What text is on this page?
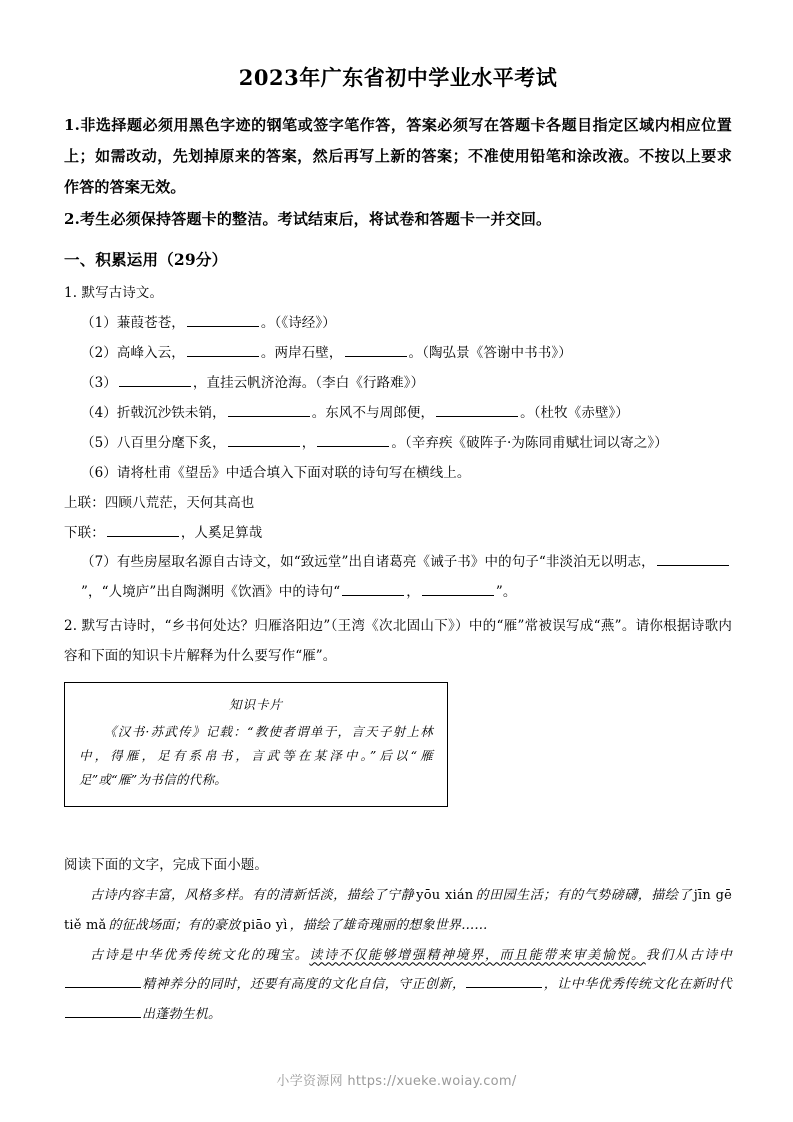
2023年广东省初中学业水平考试
1.非选择题必须用黑色字迹的钢笔或签字笔作答，答案必须写在答题卡各题目指定区域内相应位置上；如需改动，先划掉原来的答案，然后再写上新的答案；不准使用铅笔和涂改液。不按以上要求作答的答案无效。
2.考生必须保持答题卡的整洁。考试结束后，将试卷和答题卡一并交回。
一、积累运用（29分）
1. 默写古诗文。
（1）蒹葭苍苍，	。（《诗经》）
（2）高峰入云，	。两岸石壁，	。（陶弘景《答谢中书书》）
（3）	，直挂云帆济沧海。（李白《行路难》）
（4）折戟沉沙铁未销，	。东风不与周郎便，	。（杜牧《赤壁》）
（5）八百里分麾下炙，	，	。（辛弃疾《破阵子·为陈同甫赋壮词以寄之》）
（6）请将杜甫《望岳》中适合填入下面对联的诗句写在横线上。
上联：四顾八荒茫，天何其高也
下联：	，人奚足算哉
（7）有些房屋取名源自古诗文，如“致远堂”出自诸葛亮《诫子书》中的句子“非淡泊无以明志，”，“人境庐”出自陶渊明《饮酒》中的诗句“	，	”。
2. 默写古诗时，“乡书何处达？归雁洛阳边”（王湾《次北固山下》）中的“雁”常被误写成“燕”。请你根据诗歌内容和下面的知识卡片解释为什么要写作“雁”。
知识卡片
《汉书·苏武传》记载：“教使者谓单于，言天子射上林中，得雁，足有系帛书，言武等在某泽中。”后以“雁足”或“雁”为书信的代称。
阅读下面的文字，完成下面小题。
古诗内容丰富，风格多样。有的清新恬淡，描绘了宁静 yōu xián 的田园生活；有的气势磅礴，描绘了 jīn gē tiě mǎ 的征战场面；有的豪放 piāo yì ，描绘了雄奇瑰丽的想象世界……
古诗是中华优秀传统文化的瑰宝。读诗不仅能够增强精神境界，而且能带来审美愉悦。我们从古诗中精神养分的同时，还要有高度的文化自信，守正创新，	，让中华优秀传统文化在新时代出蓬勃生机。
小学资源网 https://xueke.woiay.com/
